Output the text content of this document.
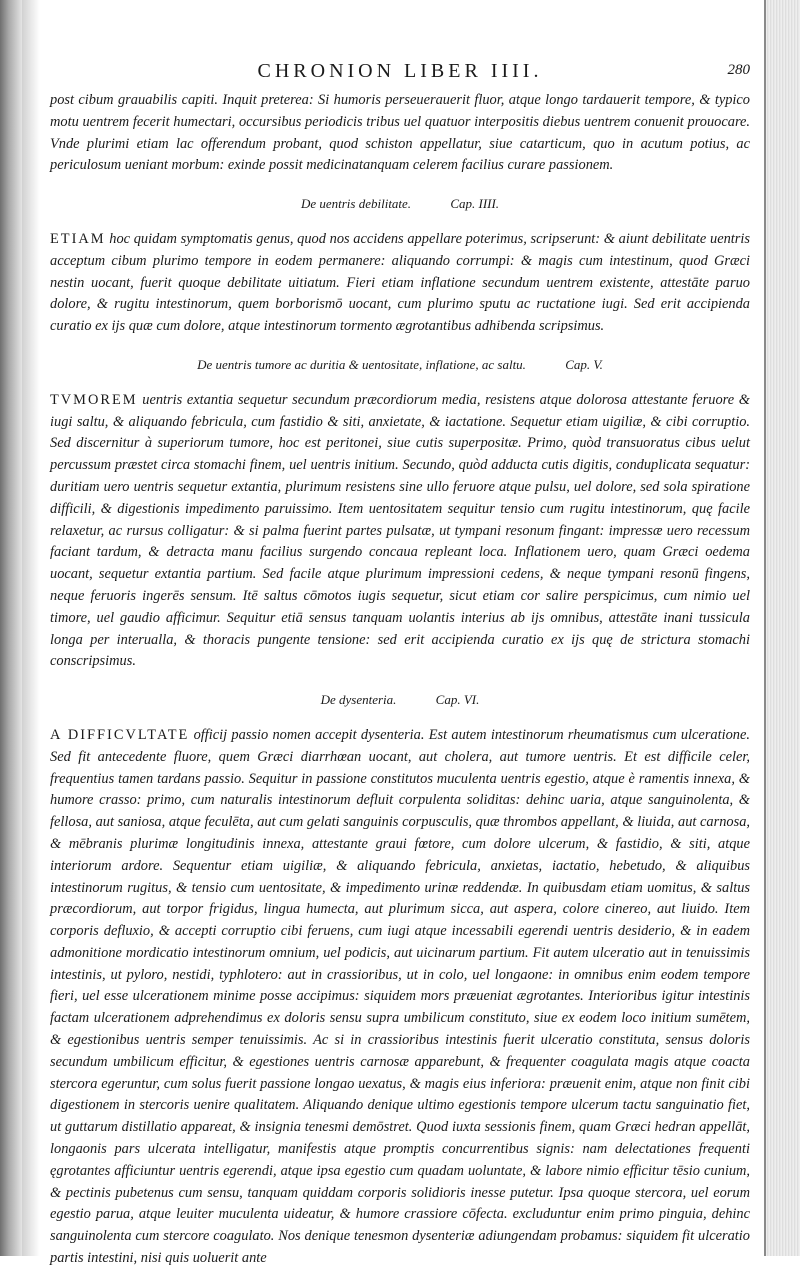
CHRONION LIBER IIII.	280

post cibum grauabilis capiti. Inquit preterea: Si humoris perseuerauerit fluor, atque longo tardauerit tempore, & typico motu uentrem fecerit humectari, occursibus periodicis tribus uel quatuor interpositis diebus uentrem conuenit prouocare. Vnde plurimi etiam lac offerendum probant, quod schiston appellatur, siue catarticum, quo in acutum potius, ac periculosum ueniant morbum: exinde possit medicinatanquam celerem facilius curare passionem.

De uentris debilitate.	Cap. IIII.

ETIAM hoc quidam symptomatis genus, quod nos accidens appellare poterimus, scripserunt: & aiunt debilitate uentris acceptum cibum plurimo tempore in eodem permanere: aliquando corrumpi: & magis cum intestinum, quod Græci nestin uocant, fuerit quoque debilitate uitiatum. Fieri etiam inflatione secundum uentrem existente, attestāte paruo dolore, & rugitu intestinorum, quem borborismō uocant, cum plurimo sputu ac ructatione iugi. Sed erit accipienda curatio ex ijs quæ cum dolore, atque intestinorum tormento ægrotantibus adhibenda scripsimus.

De uentris tumore ac duritia & uentositate, inflatione, ac saltu.	Cap. V.

TVMOREM uentris extantia sequetur secundum præcordiorum media, resistens atque dolorosa attestante feruore & iugi saltu, & aliquando febricula, cum fastidio & siti, anxietate, & iactatione. Sequetur etiam uigiliæ, & cibi corruptio. Sed discernitur à superiorum tumore, hoc est peritonei, siue cutis superpositæ. Primo, quòd transuoratus cibus uelut percussum præstet circa stomachi finem, uel uentris initium. Secundo, quòd adducta cutis digitis, conduplicata sequatur: duritiam uero uentris sequetur extantia, plurimum resistens sine ullo feruore atque pulsu, uel dolore, sed sola spiratione difficili, & digestionis impedimento paruissimo. Item uentositatem sequitur tensio cum rugitu intestinorum, quę facile relaxetur, ac rursus colligatur: & si palma fuerint partes pulsatæ, ut tympani resonum fingant: impressæ uero recessum faciant tardum, & detracta manu facilius surgendo concaua repleant loca. Inflationem uero, quam Græci oedema uocant, sequetur extantia partium. Sed facile atque plurimum impressioni cedens, & neque tympani resonū fingens, neque feruoris ingerēs sensum. Itē saltus cōmotos iugis sequetur, sicut etiam cor salire perspicimus, cum nimio uel timore, uel gaudio afficimur. Sequitur etiā sensus tanquam uolantis interius ab ijs omnibus, attestāte inani tussicula longa per interualla, & thoracis pungente tensione: sed erit accipienda curatio ex ijs quę de strictura stomachi conscripsimus.

De dysenteria.	Cap. VI.

A DIFFICVLTATE officij passio nomen accepit dysenteria. Est autem intestinorum rheumatismus cum ulceratione. Sed fit antecedente fluore, quem Græci diarrhœan uocant, aut cholera, aut tumore uentris. Et est difficile celer, frequentius tamen tardans passio. Sequitur in passione constitutos muculenta uentris egestio, atque è ramentis innexa, & humore crasso: primo, cum naturalis intestinorum defluit corpulenta soliditas: dehinc uaria, atque sanguinolenta, & fellosa, aut saniosa, atque feculēta, aut cum gelati sanguinis corpusculis, quæ thrombos appellant, & liuida, aut carnosa, & mēbranis plurimæ longitudinis innexa, attestante graui fœtore, cum dolore ulcerum, & fastidio, & siti, atque interiorum ardore. Sequentur etiam uigiliæ, & aliquando febricula, anxietas, iactatio, hebetudo, & aliquibus intestinorum rugitus, & tensio cum uentositate, & impedimento urinæ reddendæ. In quibusdam etiam uomitus, & saltus præcordiorum, aut torpor frigidus, lingua humecta, aut plurimum sicca, aut aspera, colore cinereo, aut liuido. Item corporis defluxio, & accepti corruptio cibi feruens, cum iugi atque incessabili egerendi uentris desiderio, & in eadem admonitione mordicatio intestinorum omnium, uel podicis, aut uicinarum partium. Fit autem ulceratio aut in tenuissimis intestinis, ut pyloro, nestidi, typhlotero: aut in crassioribus, ut in colo, uel longaone: in omnibus enim eodem tempore fieri, uel esse ulcerationem minime posse accipimus: siquidem mors præueniat ægrotantes. Interioribus igitur intestinis factam ulcerationem adprehendimus ex doloris sensu supra umbilicum constituto, siue ex eodem loco initium sumētem, & egestionibus uentris semper tenuissimis. Ac si in crassioribus intestinis fuerit ulceratio constituta, sensus doloris secundum umbilicum efficitur, & egestiones uentris carnosæ apparebunt, & frequenter coagulata magis atque coacta stercora egeruntur, cum solus fuerit passione longao uexatus, & magis eius inferiora: præuenit enim, atque non finit cibi digestionem in stercoris uenire qualitatem. Aliquando denique ultimo egestionis tempore ulcerum tactu sanguinatio fiet, ut guttarum distillatio appareat, & insignia tenesmi demōstret. Quod iuxta sessionis finem, quam Græci hedran appellāt, longaonis pars ulcerata intelligatur, manifestis atque promptis concurrentibus signis: nam delectationes frequenti ęgrotantes afficiuntur uentris egerendi, atque ipsa egestio cum quadam uoluntate, & labore nimio efficitur tēsio cunium, & pectinis pubetenus cum sensu, tanquam quiddam corporis solidioris inesse putetur. Ipsa quoque stercora, uel eorum egestio parua, atque leuiter muculenta uideatur, & humore crassiore cōfecta. excluduntur enim primo pinguia, dehinc sanguinolenta cum stercore coagulato. Nos denique tenesmon dysenteriæ adiungendam probamus: siquidem fit ulceratio partis intestini, nisi quis uoluerit ante
